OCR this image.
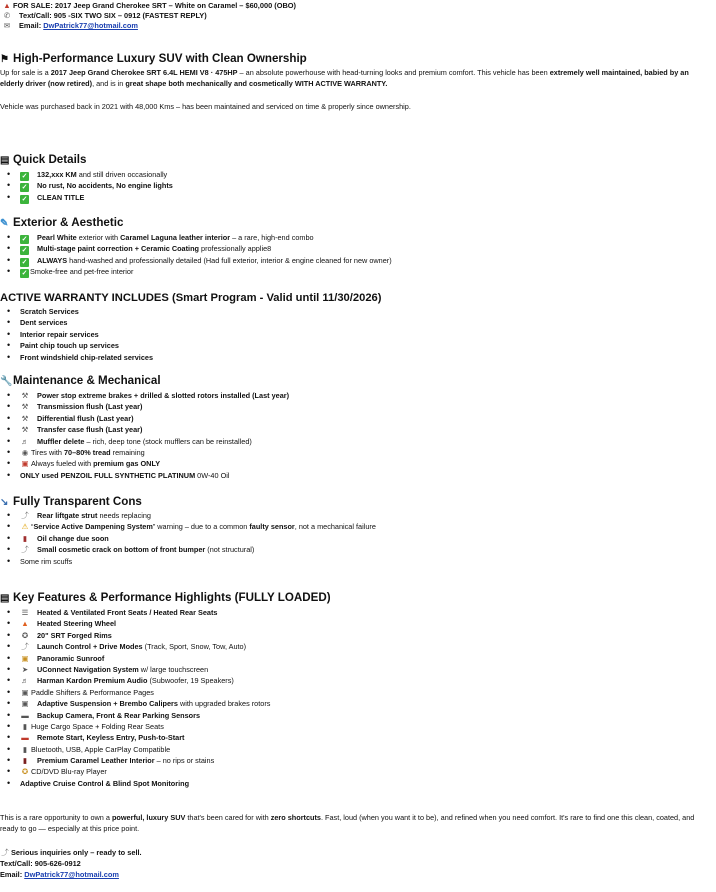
▲ FOR SALE: 2017 Jeep Grand Cherokee SRT – White on Caramel – $60,000 (OBO)
✆ Text/Call: 905 -SIX TWO SIX – 0912 (FASTEST REPLY)
✉ Email: DwPatrick77@hotmail.com
⚑ High-Performance Luxury SUV with Clean Ownership
Up for sale is a 2017 Jeep Grand Cherokee SRT 6.4L HEMI V8 · 475HP – an absolute powerhouse with head-turning looks and premium comfort. This vehicle has been extremely well maintained, babied by an elderly driver (now retired), and is in great shape both mechanically and cosmetically WITH ACTIVE WARRANTY.
Vehicle was purchased back in 2021 with 48,000 Kms – has been maintained and serviced on time & properly since ownership.
▤ Quick Details
• ✓ 132,xxx KM and still driven occasionally
• ✓ No rust, No accidents, No engine lights
• ✓ CLEAN TITLE
✎ Exterior & Aesthetic
• ✓ Pearl White exterior with Caramel Laguna leather interior – a rare, high-end combo
• ✓ Multi-stage paint correction + Ceramic Coating professionally applie8
• ✓ ALWAYS hand-washed and professionally detailed (Had full exterior, interior & engine cleaned for new owner)
• ✓ Smoke-free and pet-free interior
ACTIVE WARRANTY INCLUDES (Smart Program - Valid until 11/30/2026)
• Scratch Services
• Dent services
• Interior repair services
• Paint chip touch up services
• Front windshield chip-related services
🔧Maintenance & Mechanical
• ⚒ Power stop extreme brakes + drilled & slotted rotors installed (Last year)
• ⚒ Transmission flush (Last year)
• ⚒ Differential flush (Last year)
• ⚒ Transfer case flush (Last year)
• ♬ Muffler delete – rich, deep tone (stock mufflers can be reinstalled)
• ◉ Tires with 70–80% tread remaining
• ▣ Always fueled with premium gas ONLY
• ONLY used PENZOIL FULL SYNTHETIC PLATINUM 0W-40 Oil
↘ Fully Transparent Cons
• ⤴ Rear liftgate strut needs replacing
• ⚠ “Service Active Dampening System” warning – due to a common faulty sensor, not a mechanical failure
• ▮ Oil change due soon
• ⤴ Small cosmetic crack on bottom of front bumper (not structural)
• Some rim scuffs
▤ Key Features & Performance Highlights (FULLY LOADED)
• ☰ Heated & Ventilated Front Seats / Heated Rear Seats
• ▲ Heated Steering Wheel
• ✪ 20" SRT Forged Rims
• ⤴ Launch Control + Drive Modes (Track, Sport, Snow, Tow, Auto)
• ▣ Panoramic Sunroof
• ➤ UConnect Navigation System w/ large touchscreen
• ♬ Harman Kardon Premium Audio (Subwoofer, 19 Speakers)
• ▣ Paddle Shifters & Performance Pages
• ▣ Adaptive Suspension + Brembo Calipers with upgraded brakes rotors
• ▬ Backup Camera, Front & Rear Parking Sensors
• ▮ Huge Cargo Space + Folding Rear Seats
• ▬ Remote Start, Keyless Entry, Push-to-Start
• ▮ Bluetooth, USB, Apple CarPlay Compatible
• ▮ Premium Caramel Leather Interior – no rips or stains
• ✪ CD/DVD Blu-ray Player
• Adaptive Cruise Control & Blind Spot Monitoring
This is a rare opportunity to own a powerful, luxury SUV that's been cared for with zero shortcuts. Fast, loud (when you want it to be), and refined when you need comfort. It's rare to find one this clean, coated, and ready to go — especially at this price point.
⤴ Serious inquiries only – ready to sell.
Text/Call: 905-626-0912
Email: DwPatrick77@hotmail.com
